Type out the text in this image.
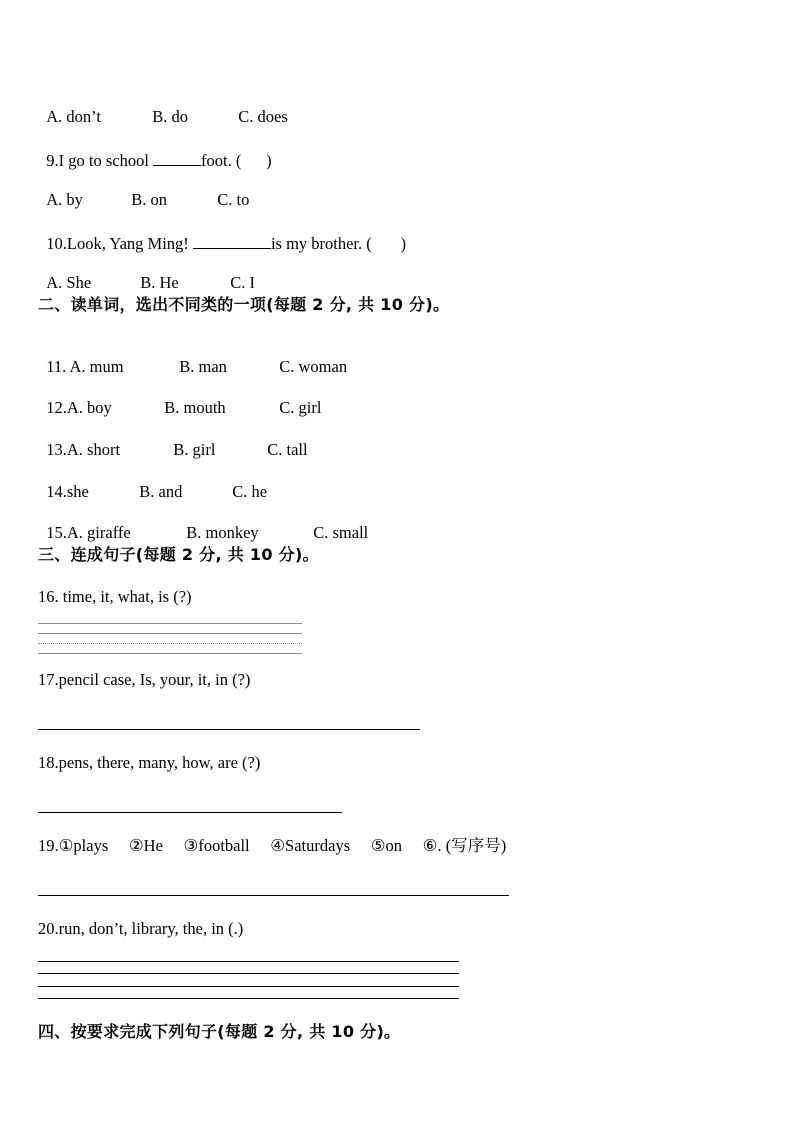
A. don’t	B. do	C. does

9.I go to school	foot. (      )

A. by	B. on	C. to

10.Look, Yang Ming!	is my brother. (       )

A. She	B. He	C. I

二、读单词，选出不同类的一项(每题 2 分, 共 10 分)。

11. A. mum	B. man	C. woman

12.A. boy	B. mouth	C. girl

13.A. short	B. girl	C. tall

14.she	B. and	C. he

15.A. giraffe	B. monkey	C. small

三、连成句子(每题 2 分, 共 10 分)。
16. time, it, what, is (?)
17.pencil case, Is, your, it, in (?)
18.pens, there, many, how, are (?)
19.①plays     ②He     ③football     ④Saturdays     ⑤on     ⑥. (写序号)
20.run, don’t, library, the, in (.)
四、按要求完成下列句子(每题 2 分, 共 10 分)。
